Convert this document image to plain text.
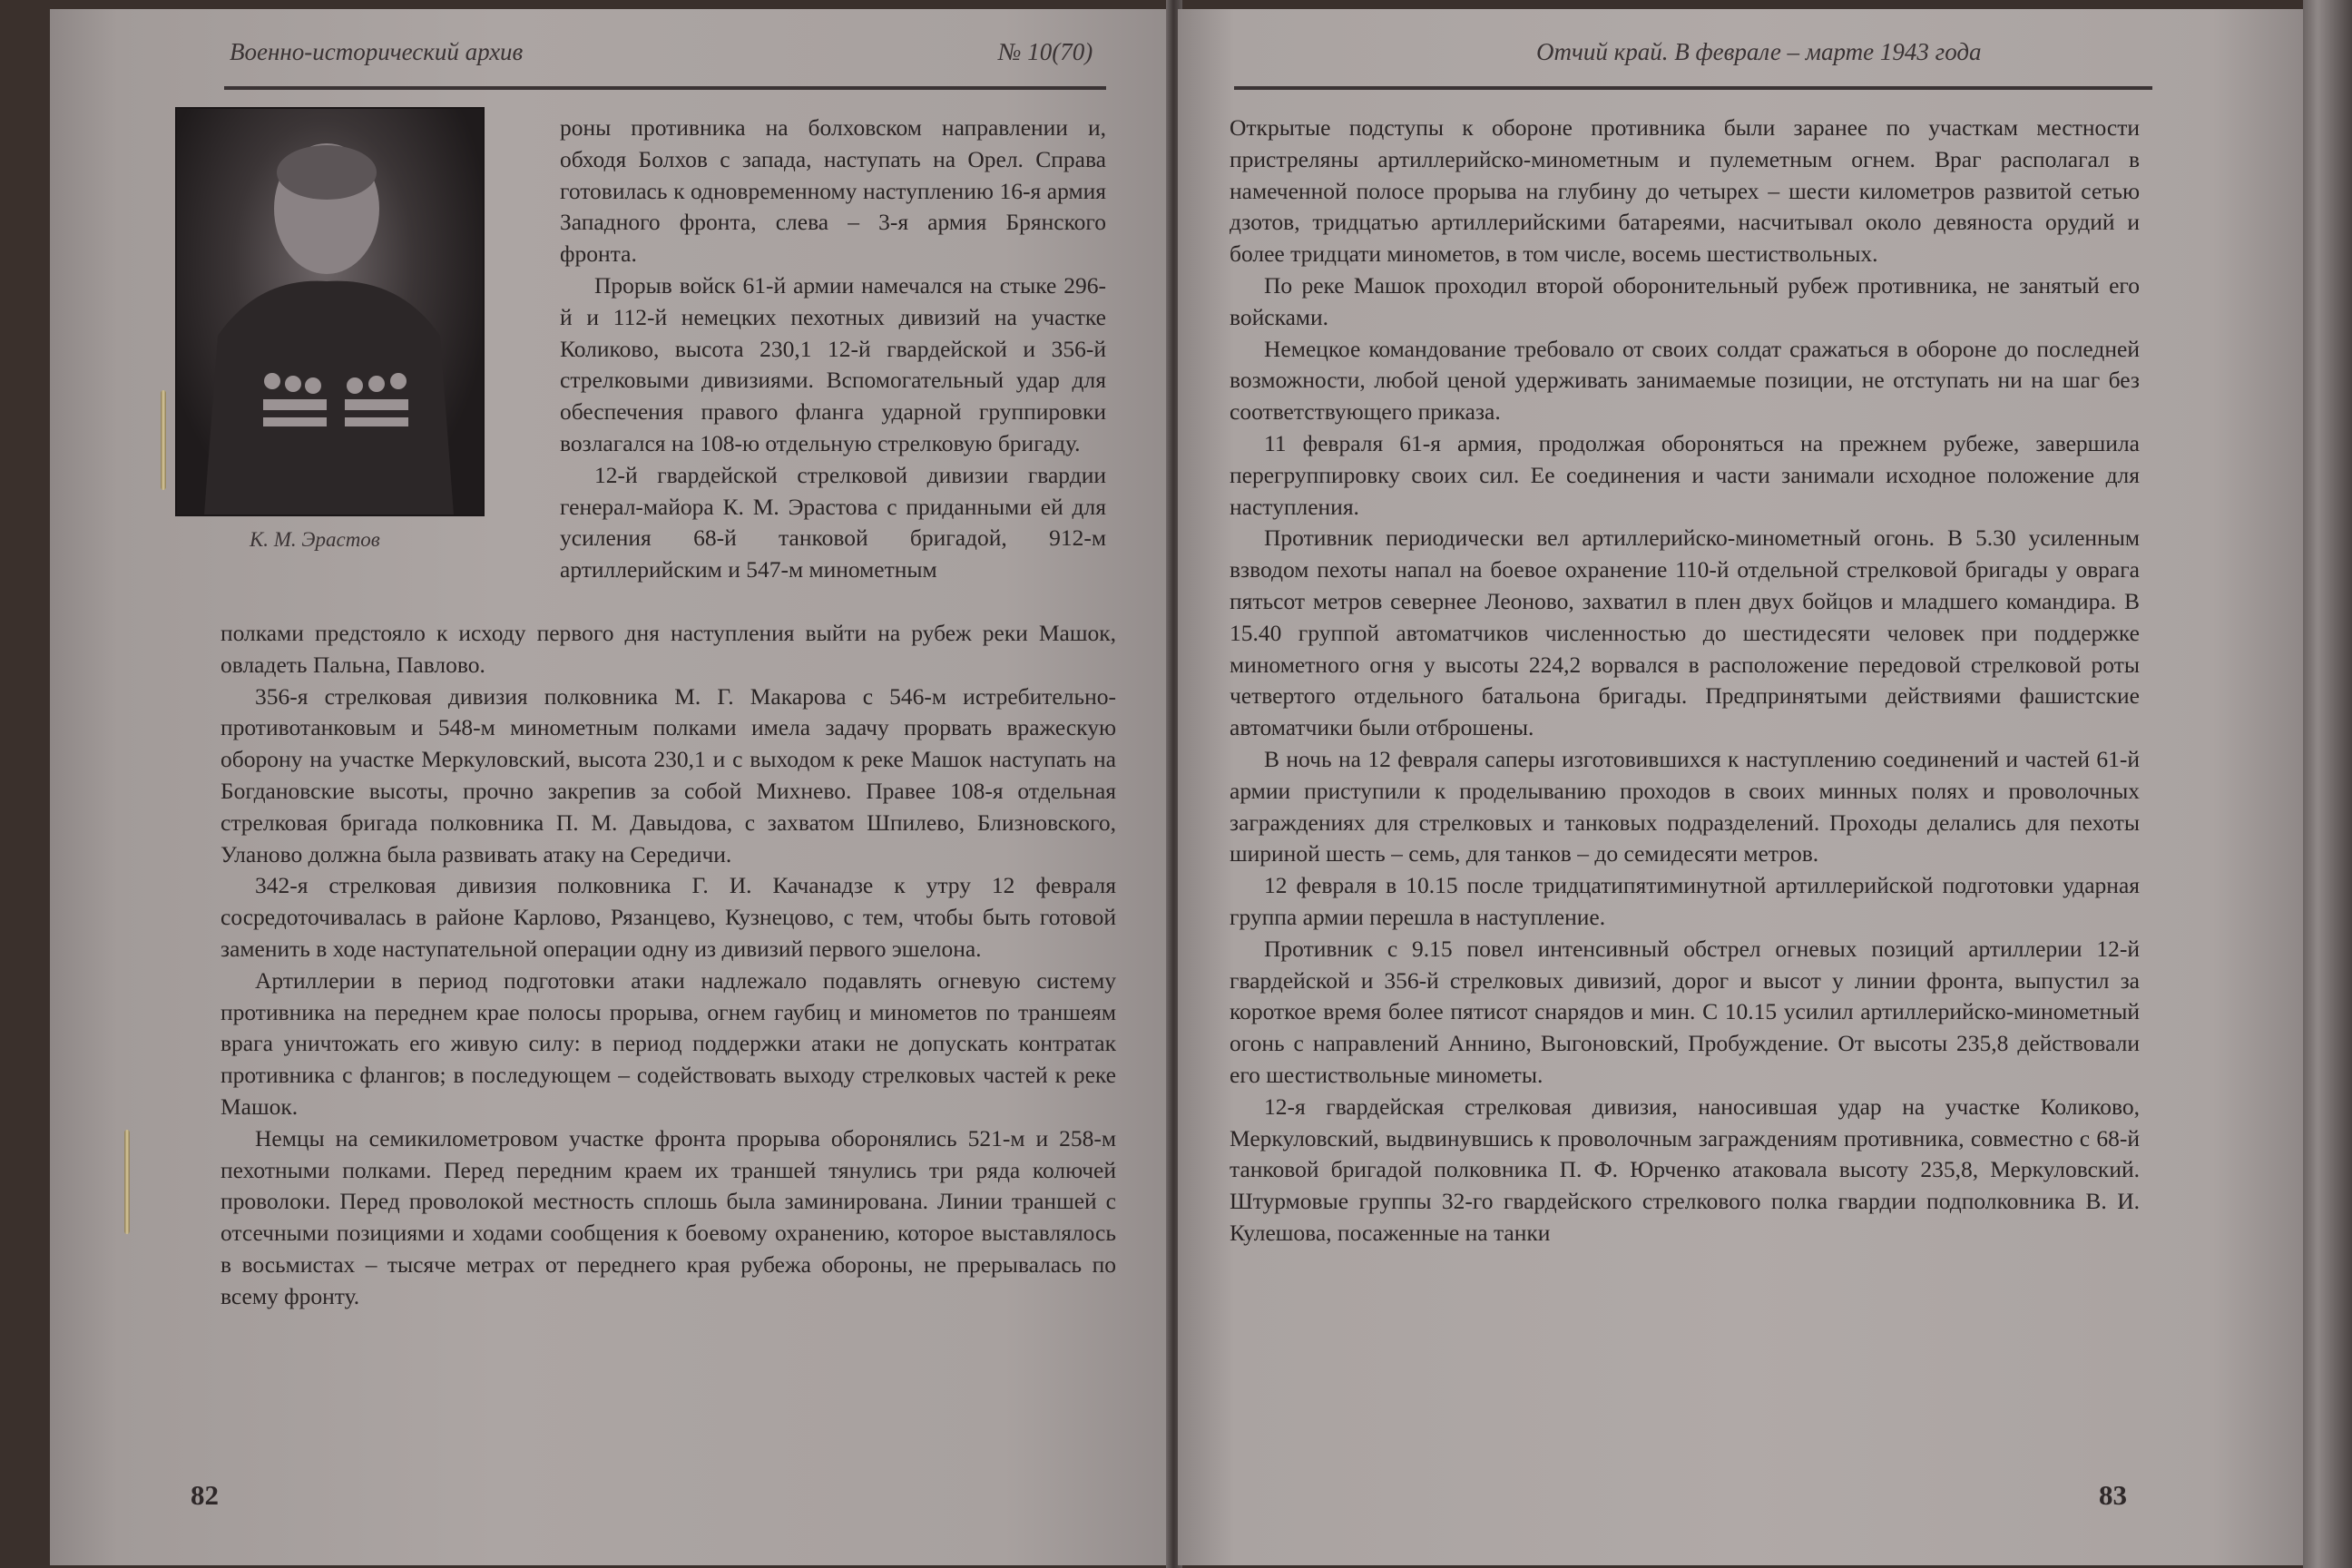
Военно-исторический архив	№ 10(70)
К. М. Эрастов

роны противника на болховском направлении и, обходя Болхов с запада, наступать на Орел. Справа готовилась к одновременному наступлению 16-я армия Западного фронта, слева – 3-я армия Брянского фронта.

Прорыв войск 61-й армии намечался на стыке 296-й и 112-й немецких пехотных дивизий на участке Коликово, высота 230,1 12-й гвардейской и 356-й стрелковыми дивизиями. Вспомогательный удар для обеспечения правого фланга ударной группировки возлагался на 108-ю отдельную стрелковую бригаду.

12-й гвардейской стрелковой дивизии гвардии генерал-майора К. М. Эрастова с приданными ей для усиления 68-й танковой бригадой, 912-м артиллерийским и 547-м минометным

полками предстояло к исходу первого дня наступления выйти на рубеж реки Машок, овладеть Пальна, Павлово.

356-я стрелковая дивизия полковника М. Г. Макарова с 546-м истребительно-противотанковым и 548-м минометным полками имела задачу прорвать вражескую оборону на участке Меркуловский, высота 230,1 и с выходом к реке Машок наступать на Богдановские высоты, прочно закрепив за собой Михнево. Правее 108-я отдельная стрелковая бригада полковника П. М. Давыдова, с захватом Шпилево, Близновского, Уланово должна была развивать атаку на Середичи.

342-я стрелковая дивизия полковника Г. И. Качанадзе к утру 12 февраля сосредоточивалась в районе Карлово, Рязанцево, Кузнецово, с тем, чтобы быть готовой заменить в ходе наступательной операции одну из дивизий первого эшелона.

Артиллерии в период подготовки атаки надлежало подавлять огневую систему противника на переднем крае полосы прорыва, огнем гаубиц и минометов по траншеям врага уничтожать его живую силу: в период поддержки атаки не допускать контратак противника с флангов; в последующем – содействовать выходу стрелковых частей к реке Машок.

Немцы на семикилометровом участке фронта прорыва оборонялись 521-м и 258-м пехотными полками. Перед передним краем их траншей тянулись три ряда колючей проволоки. Перед проволокой местность сплошь была заминирована. Линии траншей с отсечными позициями и ходами сообщения к боевому охранению, которое выставлялось в восьмистах – тысяче метрах от переднего края рубежа обороны, не прерывалась по всему фронту.

82
Отчий край. В феврале – марте 1943 года

Открытые подступы к обороне противника были заранее по участкам местности пристреляны артиллерийско-минометным и пулеметным огнем. Враг располагал в намеченной полосе прорыва на глубину до четырех – шести километров развитой сетью дзотов, тридцатью артиллерийскими батареями, насчитывал около девяноста орудий и более тридцати минометов, в том числе, восемь шестиствольных.

По реке Машок проходил второй оборонительный рубеж противника, не занятый его войсками.

Немецкое командование требовало от своих солдат сражаться в обороне до последней возможности, любой ценой удерживать занимаемые позиции, не отступать ни на шаг без соответствующего приказа.

11 февраля 61-я армия, продолжая обороняться на прежнем рубеже, завершила перегруппировку своих сил. Ее соединения и части занимали исходное положение для наступления.

Противник периодически вел артиллерийско-минометный огонь. В 5.30 усиленным взводом пехоты напал на боевое охранение 110-й отдельной стрелковой бригады у оврага пятьсот метров севернее Леоново, захватил в плен двух бойцов и младшего командира. В 15.40 группой автоматчиков численностью до шестидесяти человек при поддержке минометного огня у высоты 224,2 ворвался в расположение передовой стрелковой роты четвертого отдельного батальона бригады. Предпринятыми действиями фашистские автоматчики были отброшены.

В ночь на 12 февраля саперы изготовившихся к наступлению соединений и частей 61-й армии приступили к проделыванию проходов в своих минных полях и проволочных заграждениях для стрелковых и танковых подразделений. Проходы делались для пехоты шириной шесть – семь, для танков – до семидесяти метров.

12 февраля в 10.15 после тридцатипятиминутной артиллерийской подготовки ударная группа армии перешла в наступление.

Противник с 9.15 повел интенсивный обстрел огневых позиций артиллерии 12-й гвардейской и 356-й стрелковых дивизий, дорог и высот у линии фронта, выпустил за короткое время более пятисот снарядов и мин. С 10.15 усилил артиллерийско-минометный огонь с направлений Аннино, Выгоновский, Пробуждение. От высоты 235,8 действовали его шестиствольные минометы.

12-я гвардейская стрелковая дивизия, наносившая удар на участке Коликово, Меркуловский, выдвинувшись к проволочным заграждениям противника, совместно с 68-й танковой бригадой полковника П. Ф. Юрченко атаковала высоту 235,8, Меркуловский. Штурмовые группы 32-го гвардейского стрелкового полка гвардии подполковника В. И. Кулешова, посаженные на танки

83
